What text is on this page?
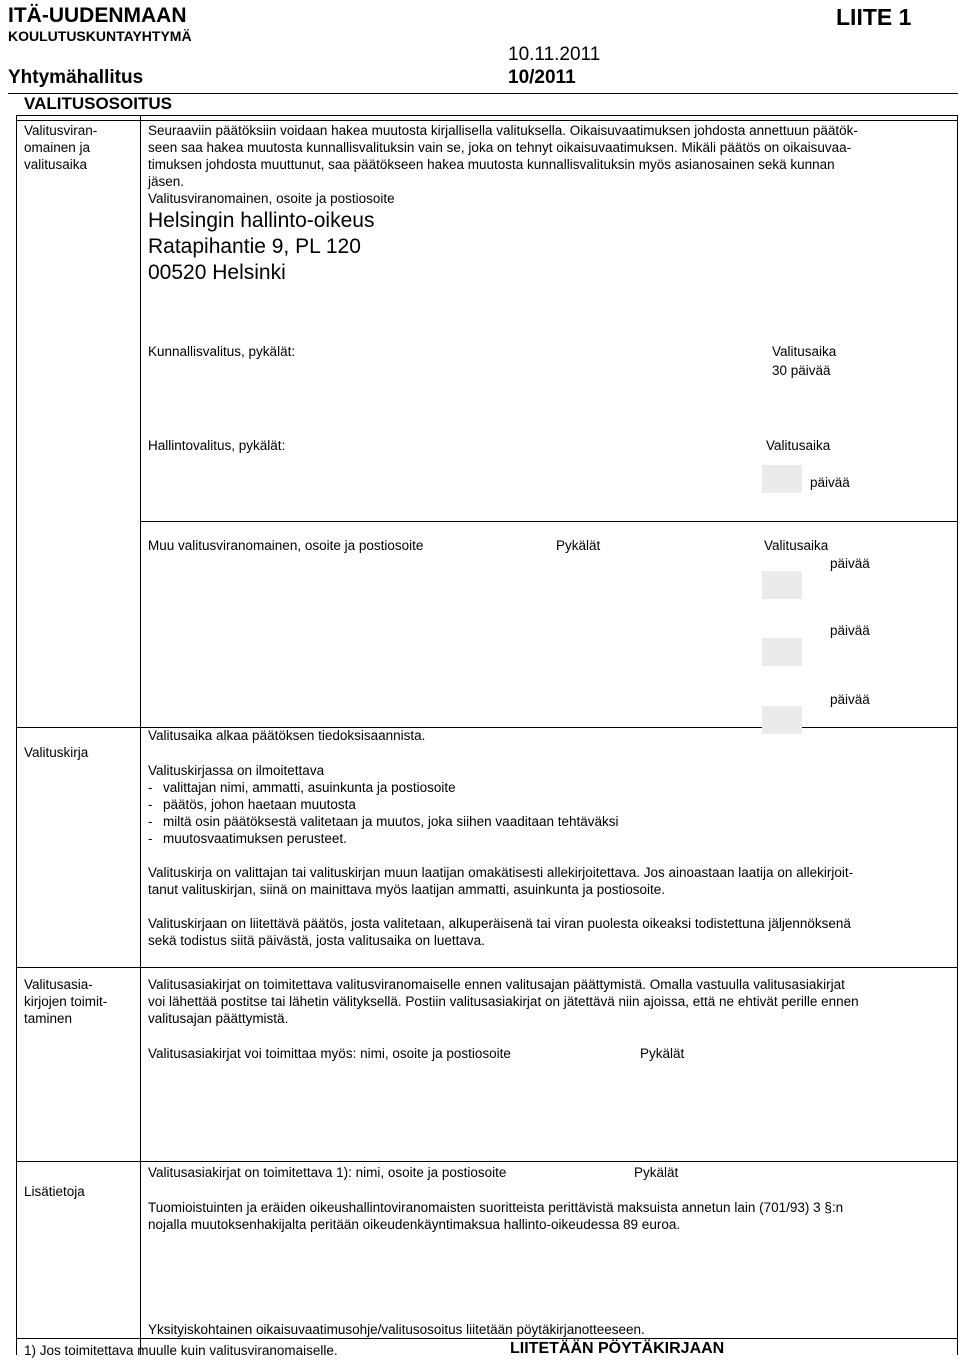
ITÄ-UUDENMAAN
KOULUTUSKUNTAYHTYMÄ
LIITE 1
10.11.2011
Yhtymähallitus	10/2011
VALITUSOSOITUS
Valitusviran-
omainen ja
valitusaika
Seuraaviin päätöksiin voidaan hakea muutosta kirjallisella valituksella. Oikaisuvaatimuksen johdosta annettuun päätök-
seen saa hakea muutosta kunnallisvalituksin vain se, joka on tehnyt oikaisuvaatimuksen. Mikäli päätös on oikaisuvaa-
timuksen johdosta muuttunut, saa päätökseen hakea muutosta kunnallisvalituksin myös asianosainen sekä kunnan
jäsen.
Valitusviranomainen, osoite ja postiosoite
Helsingin hallinto-oikeus
Ratapihantie 9, PL 120
00520 Helsinki
Kunnallisvalitus, pykälät:	Valitusaika
30 päivää
Hallintovalitus, pykälät:	Valitusaika
päivää
Muu valitusviranomainen, osoite ja postiosoite	Pykälät	Valitusaika
päivää
päivää
päivää
Valituskirja
Valitusaika alkaa päätöksen tiedoksisaannista.
Valituskirjassa on ilmoitettava
- valittajan nimi, ammatti, asuinkunta ja postiosoite
- päätös, johon haetaan muutosta
- miltä osin päätöksestä valitetaan ja muutos, joka siihen vaaditaan tehtäväksi
- muutosvaatimuksen perusteet.
Valituskirja on valittajan tai valituskirjan muun laatijan omakätisesti allekirjoitettava. Jos ainoastaan laatija on allekirjoit-
tanut valituskirjan, siinä on mainittava myös laatijan ammatti, asuinkunta ja postiosoite.
Valituskirjaan on liitettävä päätös, josta valitetaan, alkuperäisenä tai viran puolesta oikeaksi todistettuna jäljennöksenä
sekä todistus siitä päivästä, josta valitusaika on luettava.
Valitusasia-
kirjojen toimit-
taminen
Valitusasiakirjat on toimitettava valitusviranomaiselle ennen valitusajan päättymistä. Omalla vastuulla valitusasiakirjat
voi lähettää postitse tai lähetin välityksellä. Postiin valitusasiakirjat on jätettävä niin ajoissa, että ne ehtivät perille ennen
valitusajan päättymistä.
Valitusasiakirjat voi toimittaa myös: nimi, osoite ja postiosoite	Pykälät
Lisätietoja
Valitusasiakirjat on toimitettava 1): nimi, osoite ja postiosoite	Pykälät
Tuomioistuinten ja eräiden oikeushallintoviranomaisten suoritteista perittävistä maksuista annetun lain (701/93) 3 §:n
nojalla muutoksenhakijalta peritään oikeudenkäyntimaksua hallinto-oikeudessa 89 euroa.
Yksityiskohtainen oikaisuvaatimusohje/valitusosoitus liitetään pöytäkirjanotteeseen.
1) Jos toimitettava muulle kuin valitusviranomaiselle.	LIITETÄÄN PÖYTÄKIRJAAN
